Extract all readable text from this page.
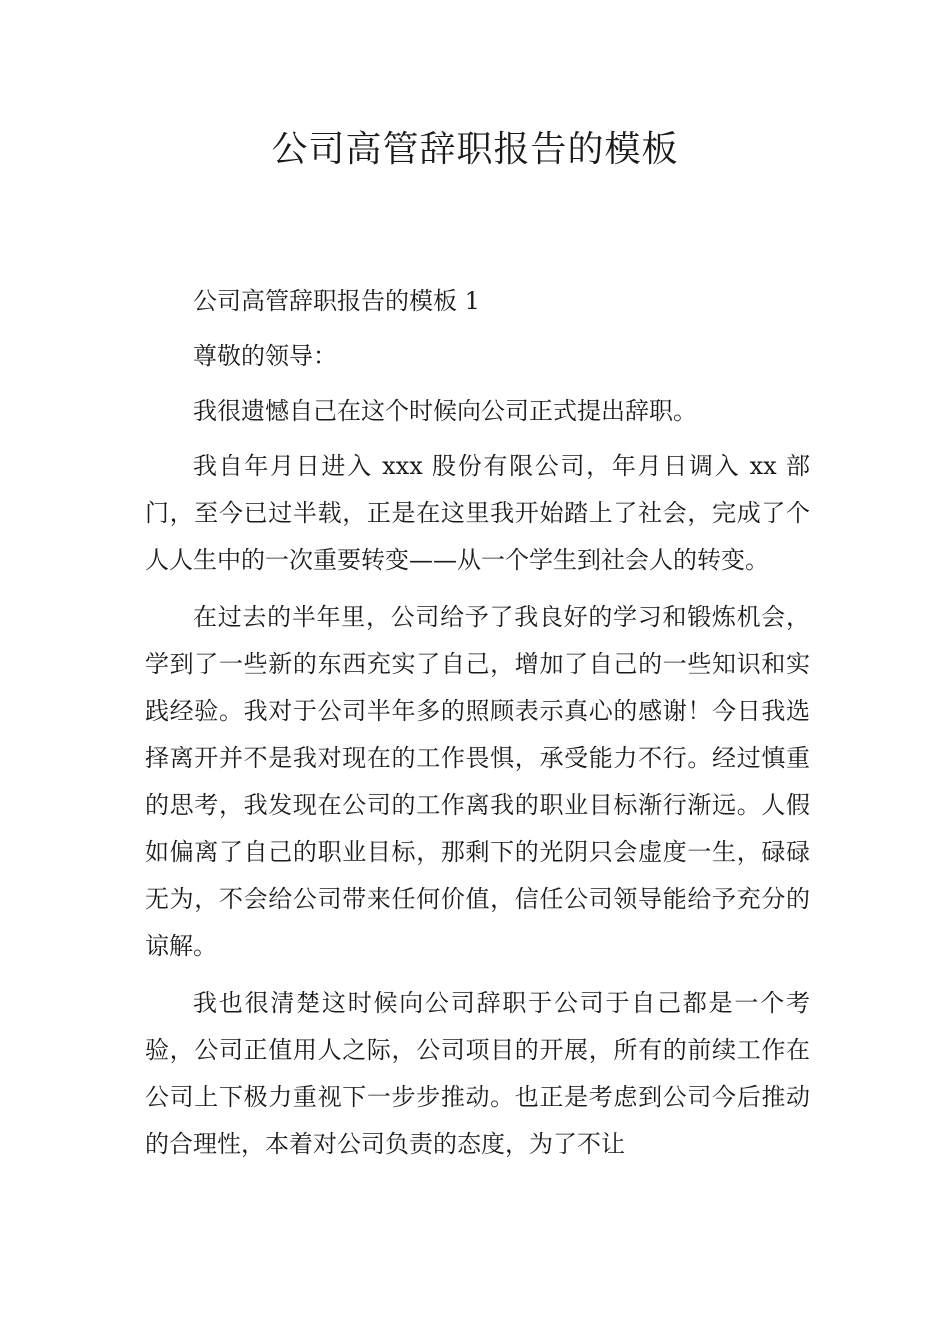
公司高管辞职报告的模板

公司高管辞职报告的模板 1

尊敬的领导：

我很遗憾自己在这个时候向公司正式提出辞职。

我自年月日进入 xxx 股份有限公司，年月日调入 xx 部门，至今已过半载，正是在这里我开始踏上了社会，完成了个人人生中的一次重要转变——从一个学生到社会人的转变。

在过去的半年里，公司给予了我良好的学习和锻炼机会，学到了一些新的东西充实了自己，增加了自己的一些知识和实践经验。我对于公司半年多的照顾表示真心的感谢！今日我选择离开并不是我对现在的工作畏惧，承受能力不行。经过慎重的思考，我发现在公司的工作离我的职业目标渐行渐远。人假如偏离了自己的职业目标，那剩下的光阴只会虚度一生，碌碌无为，不会给公司带来任何价值，信任公司领导能给予充分的谅解。

我也很清楚这时候向公司辞职于公司于自己都是一个考验，公司正值用人之际，公司项目的开展，所有的前续工作在公司上下极力重视下一步步推动。也正是考虑到公司今后推动的合理性，本着对公司负责的态度，为了不让
